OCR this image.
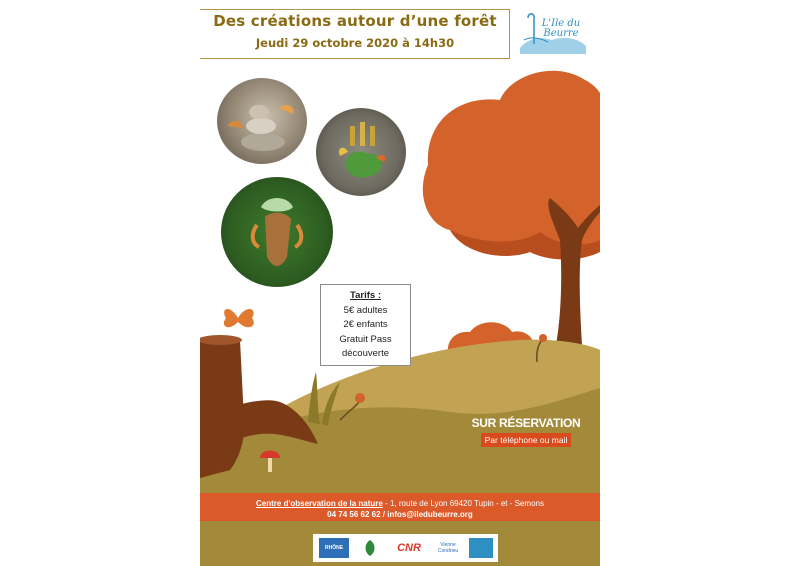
Des créations autour d’une forêt
Jeudi 29 octobre 2020 à 14h30
L'Ile du Beurre
Tarifs :
5€ adultes
2€ enfants
Gratuit Pass
découverte
SUR RÉSERVATION
Par téléphone ou mail
Centre d'observation de la nature - 1, route de Lyon 69420 Tupin - et - Semons
04 74 56 62 62 / infos@iledubeurre.org
RHÔNE	CNR	Vienne Condrieu
